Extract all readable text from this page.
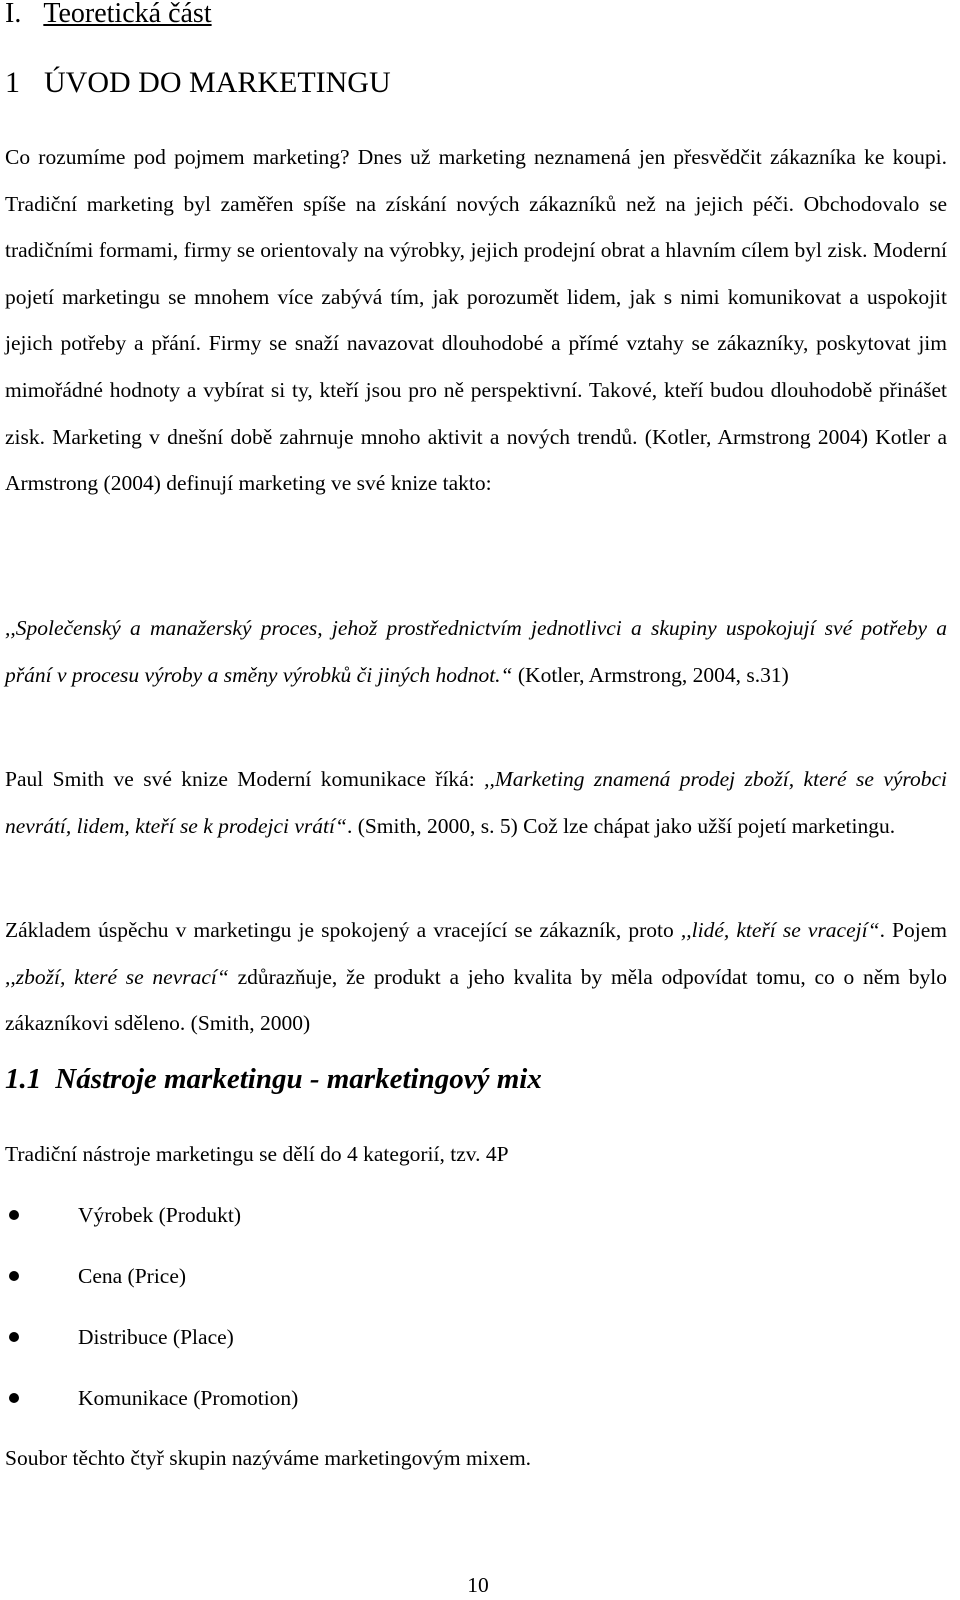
I. Teoretická část
1 ÚVOD DO MARKETINGU

Co rozumíme pod pojmem marketing? Dnes už marketing neznamená jen přesvědčit zákazníka ke koupi. Tradiční marketing byl zaměřen spíše na získání nových zákazníků než na jejich péči. Obchodovalo se tradičními formami, firmy se orientovaly na výrobky, jejich prodejní obrat a hlavním cílem byl zisk. Moderní pojetí marketingu se mnohem více zabývá tím, jak porozumět lidem, jak s nimi komunikovat a uspokojit jejich potřeby a přání. Firmy se snaží navazovat dlouhodobé a přímé vztahy se zákazníky, poskytovat jim mimořádné hodnoty a vybírat si ty, kteří jsou pro ně perspektivní. Takové, kteří budou dlouhodobě přinášet zisk. Marketing v dnešní době zahrnuje mnoho aktivit a nových trendů. (Kotler, Armstrong 2004) Kotler a Armstrong (2004) definují marketing ve své knize takto:

,,Společenský a manažerský proces, jehož prostřednictvím jednotlivci a skupiny uspokojují své potřeby a přání v procesu výroby a směny výrobků či jiných hodnot.“ (Kotler, Armstrong, 2004, s.31)

Paul Smith ve své knize Moderní komunikace říká: ,,Marketing znamená prodej zboží, které se výrobci nevrátí, lidem, kteří se k prodejci vrátí“. (Smith, 2000, s. 5) Což lze chápat jako užší pojetí marketingu.

Základem úspěchu v marketingu je spokojený a vracející se zákazník, proto ,,lidé, kteří se vracejí“. Pojem ,,zboží, které se nevrací“ zdůrazňuje, že produkt a jeho kvalita by měla odpovídat tomu, co o něm bylo zákazníkovi sděleno. (Smith, 2000)

1.1 Nástroje marketingu - marketingový mix

Tradiční nástroje marketingu se dělí do 4 kategorií, tzv. 4P

Výrobek (Produkt)
Cena (Price)
Distribuce (Place)
Komunikace (Promotion)

Soubor těchto čtyř skupin nazýváme marketingovým mixem.

10
